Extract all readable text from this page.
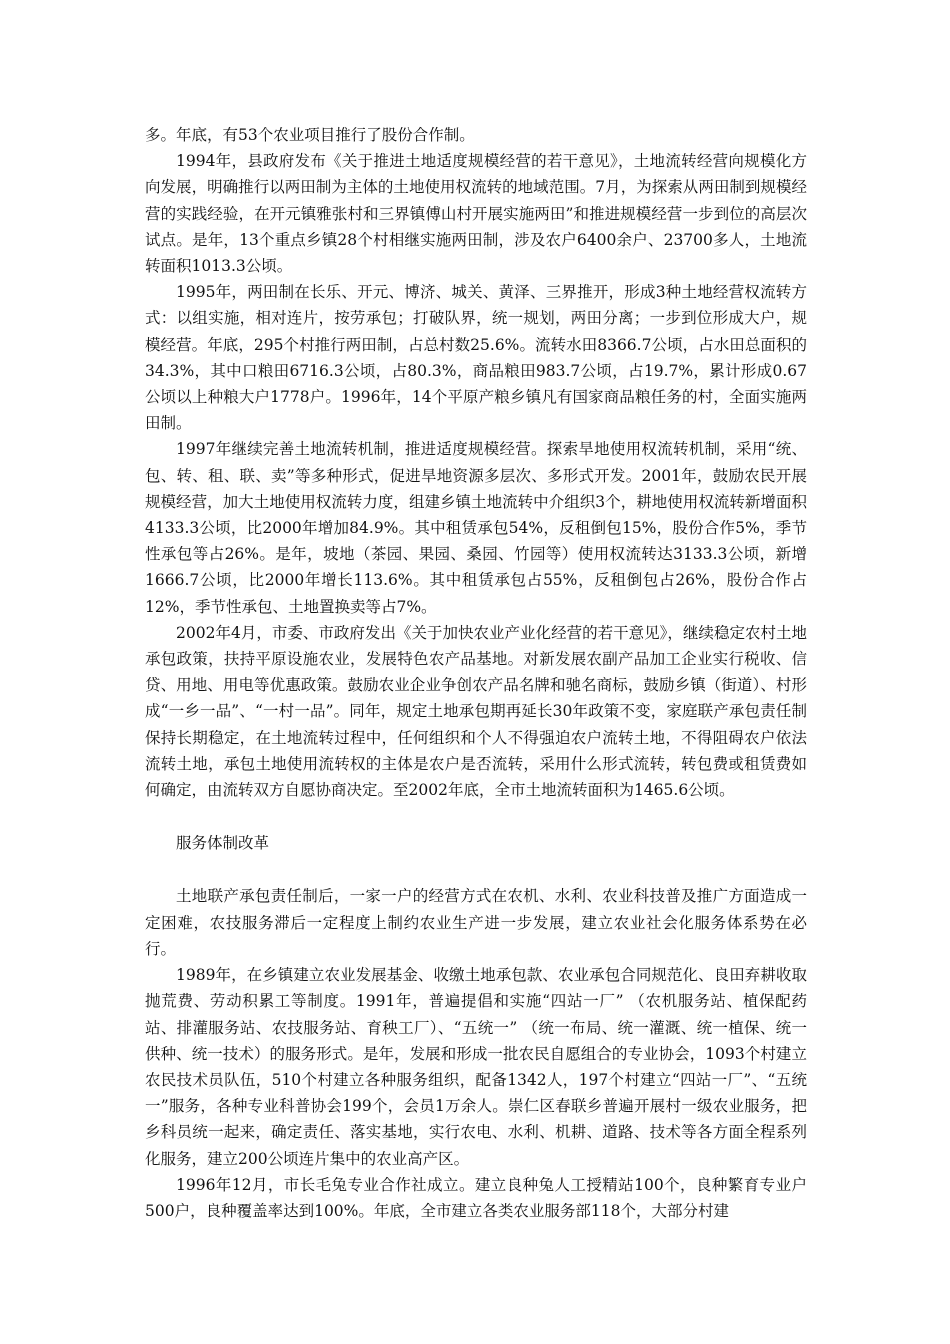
多。年底，有53个农业项目推行了股份合作制。

1994年，县政府发布《关于推进土地适度规模经营的若干意见》，土地流转经营向规模化方向发展，明确推行以两田制为主体的土地使用权流转的地域范围。7月，为探索从两田制到规模经营的实践经验，在开元镇雅张村和三界镇傅山村开展实施两田”和推进规模经营一步到位的高层次试点。是年，13个重点乡镇28个村相继实施两田制，涉及农户6400余户、23700多人，土地流转面积1013.3公顷。

1995年，两田制在长乐、开元、博济、城关、黄泽、三界推开，形成3种土地经营权流转方式：以组实施，相对连片，按劳承包；打破队界，统一规划，两田分离；一步到位形成大户，规模经营。年底，295个村推行两田制，占总村数25.6%。流转水田8366.7公顷，占水田总面积的34.3%，其中口粮田6716.3公顷，占80.3%，商品粮田983.7公顷，占19.7%，累计形成0.67公顷以上种粮大户1778户。1996年，14个平原产粮乡镇凡有国家商品粮任务的村，全面实施两田制。

1997年继续完善土地流转机制，推进适度规模经营。探索旱地使用权流转机制，采用“统、包、转、租、联、卖”等多种形式，促进旱地资源多层次、多形式开发。2001年，鼓励农民开展规模经营，加大土地使用权流转力度，组建乡镇土地流转中介组织3个，耕地使用权流转新增面积4133.3公顷，比2000年增加84.9%。其中租赁承包54%，反租倒包15%，股份合作5%，季节性承包等占26%。是年，坡地（茶园、果园、桑园、竹园等）使用权流转达3133.3公顷，新增1666.7公顷，比2000年增长113.6%。其中租赁承包占55%，反租倒包占26%，股份合作占12%，季节性承包、土地置换卖等占7%。

2002年4月，市委、市政府发出《关于加快农业产业化经营的若干意见》，继续稳定农村土地承包政策，扶持平原设施农业，发展特色农产品基地。对新发展农副产品加工企业实行税收、信贷、用地、用电等优惠政策。鼓励农业企业争创农产品名牌和驰名商标，鼓励乡镇（街道）、村形成“一乡一品”、“一村一品”。同年，规定土地承包期再延长30年政策不变，家庭联产承包责任制保持长期稳定，在土地流转过程中，任何组织和个人不得强迫农户流转土地，不得阻碍农户依法流转土地，承包土地使用流转权的主体是农户是否流转，采用什么形式流转，转包费或租赁费如何确定，由流转双方自愿协商决定。至2002年底，全市土地流转面积为1465.6公顷。

服务体制改革

土地联产承包责任制后，一家一户的经营方式在农机、水利、农业科技普及推广方面造成一定困难，农技服务滞后一定程度上制约农业生产进一步发展，建立农业社会化服务体系势在必行。

1989年，在乡镇建立农业发展基金、收缴土地承包款、农业承包合同规范化、良田弃耕收取抛荒费、劳动积累工等制度。1991年，普遍提倡和实施“四站一厂” （农机服务站、植保配药站、排灌服务站、农技服务站、育秧工厂）、“五统一” （统一布局、统一灌溉、统一植保、统一供种、统一技术）的服务形式。是年，发展和形成一批农民自愿组合的专业协会，1093个村建立农民技术员队伍，510个村建立各种服务组织，配备1342人，197个村建立“四站一厂”、“五统一”服务，各种专业科普协会199个，会员1万余人。崇仁区春联乡普遍开展村一级农业服务，把乡科员统一起来，确定责任、落实基地，实行农电、水利、机耕、道路、技术等各方面全程系列化服务，建立200公顷连片集中的农业高产区。

1996年12月，市长毛兔专业合作社成立。建立良种兔人工授精站100个，良种繁育专业户500户，良种覆盖率达到100%。年底，全市建立各类农业服务部118个，大部分村建
